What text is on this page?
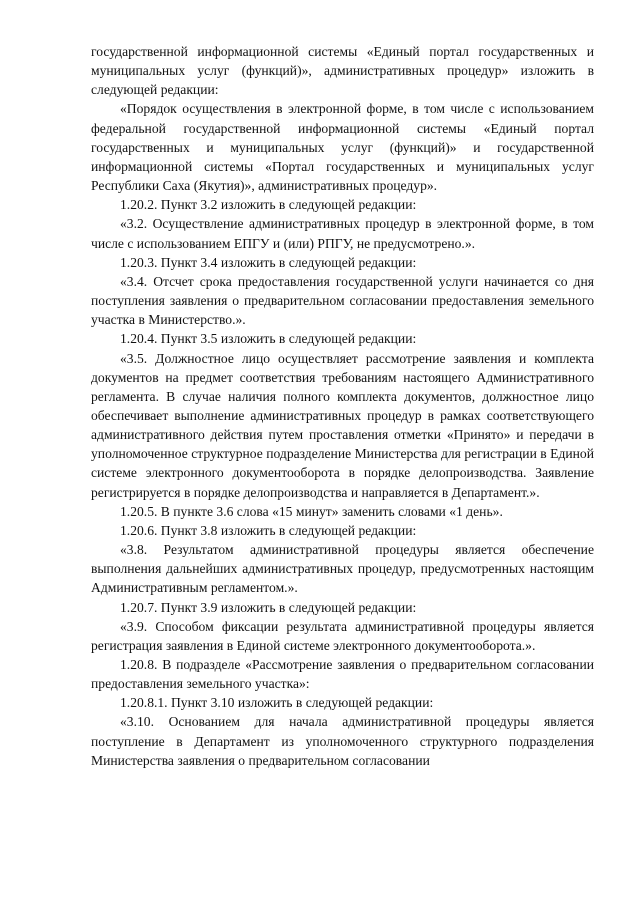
государственной информационной системы «Единый портал государственных и муниципальных услуг (функций)», административных процедур» изложить в следующей редакции:

«Порядок осуществления в электронной форме, в том числе с использованием федеральной государственной информационной системы «Единый портал государственных и муниципальных услуг (функций)» и государственной информационной системы «Портал государственных и муниципальных услуг Республики Саха (Якутия)», административных процедур».

1.20.2. Пункт 3.2 изложить в следующей редакции:

«3.2. Осуществление административных процедур в электронной форме, в том числе с использованием ЕПГУ и (или) РПГУ, не предусмотрено.».

1.20.3. Пункт 3.4 изложить в следующей редакции:

«3.4. Отсчет срока предоставления государственной услуги начинается со дня поступления заявления о предварительном согласовании предоставления земельного участка в Министерство.».

1.20.4. Пункт 3.5 изложить в следующей редакции:

«3.5. Должностное лицо осуществляет рассмотрение заявления и комплекта документов на предмет соответствия требованиям настоящего Административного регламента. В случае наличия полного комплекта документов, должностное лицо обеспечивает выполнение административных процедур в рамках соответствующего административного действия путем проставления отметки «Принято» и передачи в уполномоченное структурное подразделение Министерства для регистрации в Единой системе электронного документооборота в порядке делопроизводства. Заявление регистрируется в порядке делопроизводства и направляется в Департамент.».

1.20.5. В пункте 3.6 слова «15 минут» заменить словами «1 день».

1.20.6. Пункт 3.8 изложить в следующей редакции:

«3.8. Результатом административной процедуры является обеспечение выполнения дальнейших административных процедур, предусмотренных настоящим Административным регламентом.».

1.20.7. Пункт 3.9 изложить в следующей редакции:

«3.9. Способом фиксации результата административной процедуры является регистрация заявления в Единой системе электронного документооборота.».

1.20.8. В подразделе «Рассмотрение заявления о предварительном согласовании предоставления земельного участка»:

1.20.8.1. Пункт 3.10 изложить в следующей редакции:

«3.10. Основанием для начала административной процедуры является поступление в Департамент из уполномоченного структурного подразделения Министерства заявления о предварительном согласовании
